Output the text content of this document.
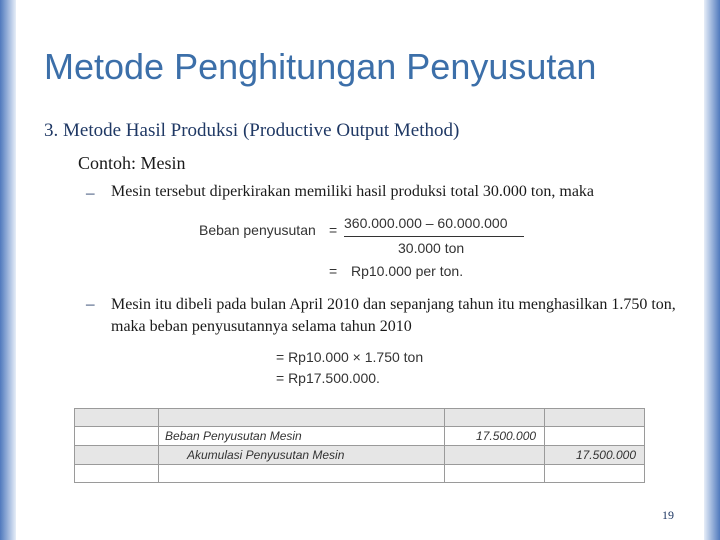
Metode Penghitungan Penyusutan
3. Metode Hasil Produksi (Productive Output Method)
Contoh: Mesin
– Mesin tersebut diperkirakan memiliki hasil produksi total 30.000 ton, maka
Beban penyusutan = 360.000.000 – 60.000.000
30.000 ton
= Rp10.000 per ton.
– Mesin itu dibeli pada bulan April 2010 dan sepanjang tahun itu menghasilkan 1.750 ton, maka beban penyusutannya selama tahun 2010
= Rp10.000 × 1.750 ton
= Rp17.500.000.

	Beban Penyusutan Mesin	17.500.000	
	Akumulasi Penyusutan Mesin		17.500.000

19
